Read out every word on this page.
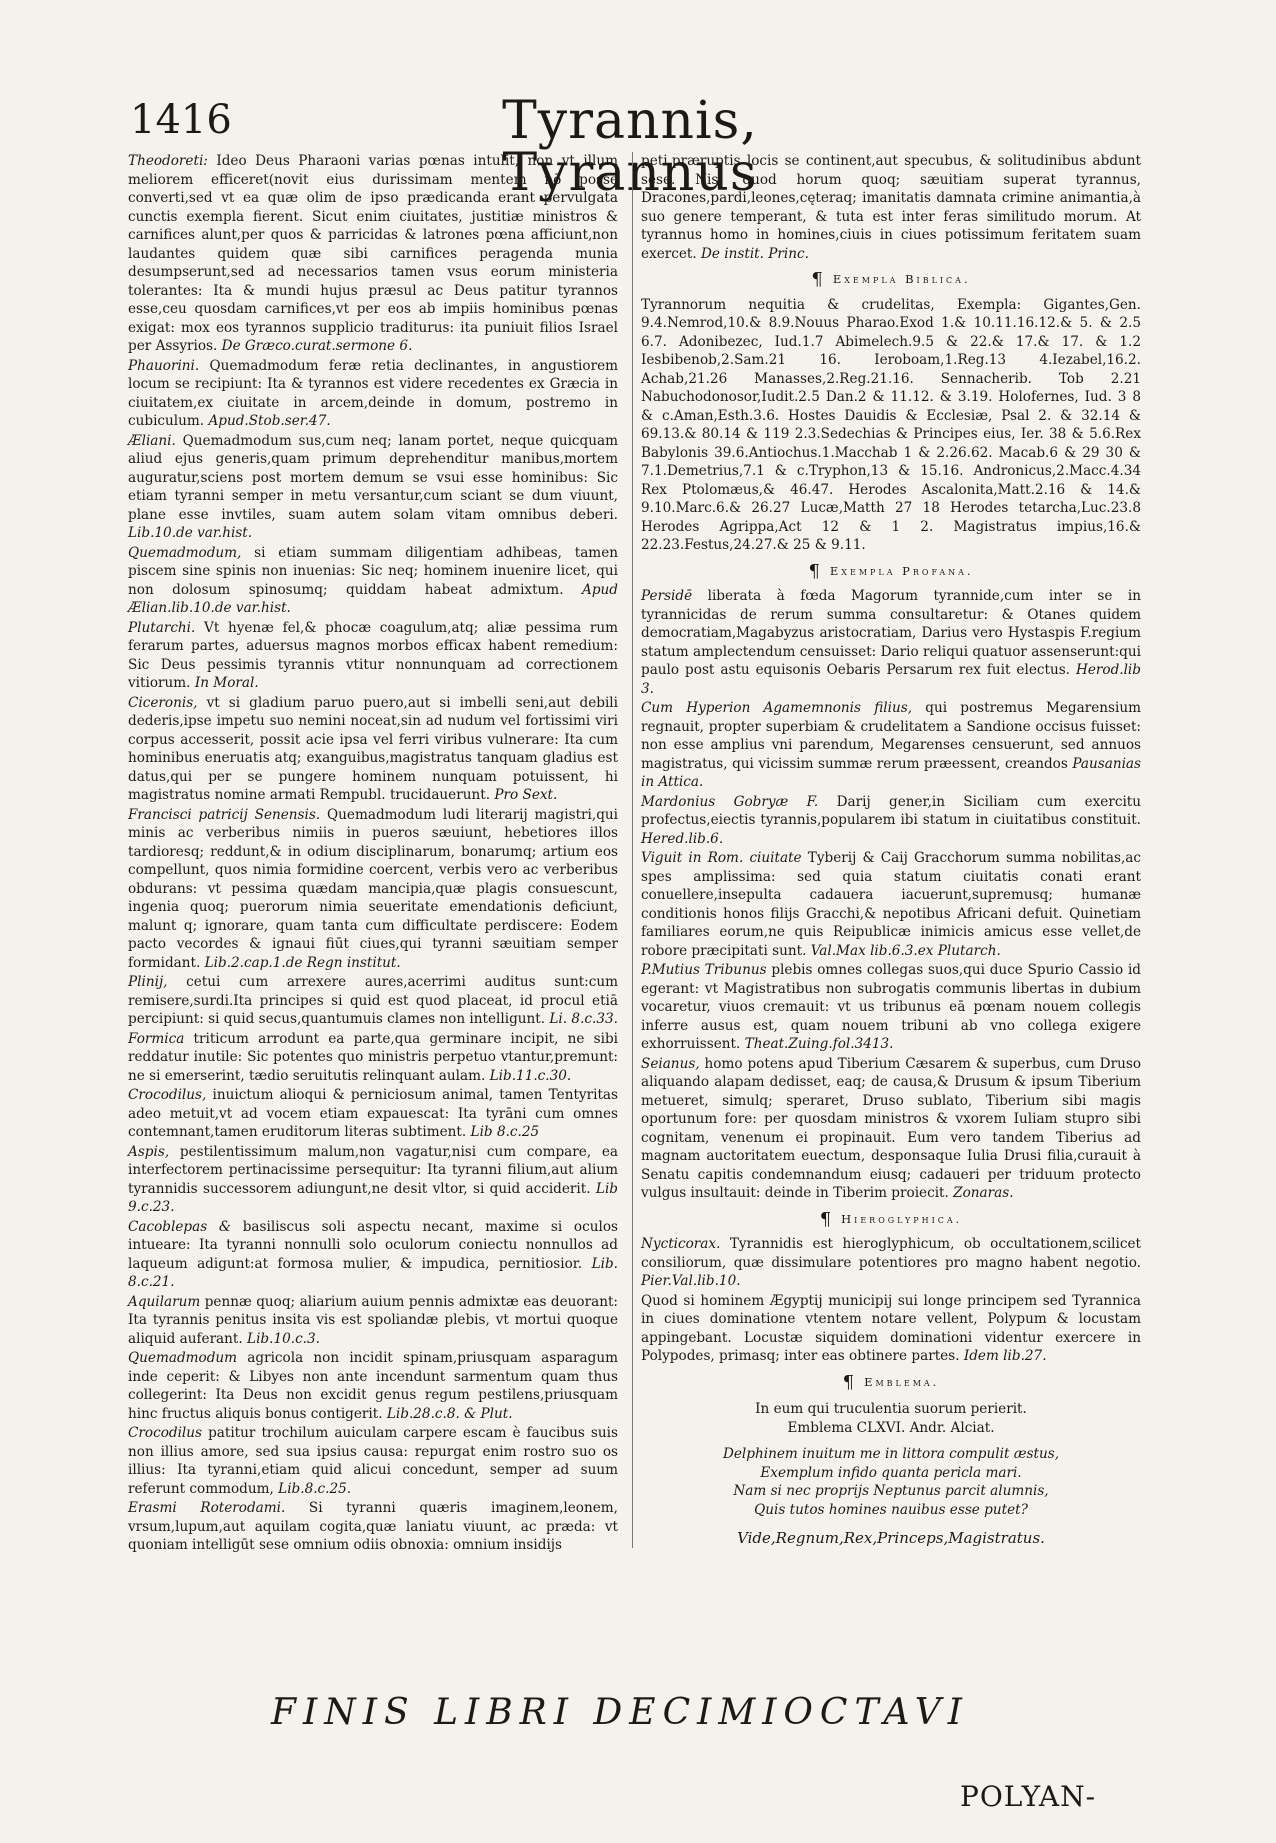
1416	Tyrannis, Tyrannus

Theodoreti: Ideo Deus Pharaoni varias pœnas intulit, non vt illum meliorem efficeret(novit eius durissimam mentem nō posse converti,sed vt ea quæ olim de ipso prædicanda erant pervulgata cunctis exempla fierent. Sicut enim ciuitates, justitiæ ministros & carnifices alunt,per quos & parricidas & latrones pœna afficiunt,non laudantes quidem quæ sibi carnifices peragenda munia desumpserunt,sed ad necessarios tamen vsus eorum ministeria tolerantes: Ita & mundi hujus præsul ac Deus patitur tyrannos esse,ceu quosdam carnifices,vt per eos ab impiis hominibus pœnas exigat: mox eos tyrannos supplicio traditurus: ita puniuit filios Israel per Assyrios. De Græco.curat.sermone 6.

Phauorini. Quemadmodum feræ retia declinantes, in angustiorem locum se recipiunt: Ita & tyrannos est videre recedentes ex Græcia in ciuitatem,ex ciuitate in arcem,deinde in domum, postremo in cubiculum. Apud.Stob.ser.47.

Æliani. Quemadmodum sus,cum neq; lanam portet, neque quicquam aliud ejus generis,quam primum deprehenditur manibus,mortem auguratur,sciens post mortem demum se vsui esse hominibus: Sic etiam tyranni semper in metu versantur,cum sciant se dum viuunt, plane esse invtiles, suam autem solam vitam omnibus deberi. Lib.10.de var.hist.

Quemadmodum, si etiam summam diligentiam adhibeas, tamen piscem sine spinis non inuenias: Sic neq; hominem inuenire licet, qui non dolosum spinosumq; quiddam habeat admixtum. Apud Ælian.lib.10.de var.hist.

Plutarchi. Vt hyenæ fel,& phocæ coagulum,atq; aliæ pessima rum ferarum partes, aduersus magnos morbos efficax habent remedium: Sic Deus pessimis tyrannis vtitur nonnunquam ad correctionem vitiorum. In Moral.

Ciceronis, vt si gladium paruo puero,aut si imbelli seni,aut debili dederis,ipse impetu suo nemini noceat,sin ad nudum vel fortissimi viri corpus accesserit, possit acie ipsa vel ferri viribus vulnerare: Ita cum hominibus eneruatis atq; exanguibus,magistratus tanquam gladius est datus,qui per se pungere hominem nunquam potuissent, hi magistratus nomine armati Rempubl. trucidauerunt. Pro Sext.

Francisci patricij Senensis. Quemadmodum ludi literarij magistri,qui minis ac verberibus nimiis in pueros sæuiunt, hebetiores illos tardioresq; reddunt,& in odium disciplinarum, bonarumq; artium eos compellunt, quos nimia formidine coercent, verbis vero ac verberibus obdurans: vt pessima quædam mancipia,quæ plagis consuescunt, ingenia quoq; puerorum nimia seueritate emendationis deficiunt, malunt q; ignorare, quam tanta cum difficultate perdiscere: Eodem pacto vecordes & ignaui fiūt ciues,qui tyranni sæuitiam semper formidant. Lib.2.cap.1.de Regn institut.

Plinij, cetui cum arrexere aures,acerrimi auditus sunt:cum remisere,surdi.Ita principes si quid est quod placeat, id procul etiā percipiunt: si quid secus,quantumuis clames non intelligunt. Li. 8.c.33.

Formica triticum arrodunt ea parte,qua germinare incipit, ne sibi reddatur inutile: Sic potentes quo ministris perpetuo vtantur,premunt: ne si emerserint, tædio seruitutis relinquant aulam. Lib.11.c.30.

Crocodilus, inuictum alioqui & perniciosum animal, tamen Tentyritas adeo metuit,vt ad vocem etiam expauescat: Ita tyrāni cum omnes contemnant,tamen eruditorum literas subtiment. Lib 8.c.25

Aspis, pestilentissimum malum,non vagatur,nisi cum compare, ea interfectorem pertinacissime persequitur: Ita tyranni filium,aut alium tyrannidis successorem adiungunt,ne desit vltor, si quid acciderit. Lib 9.c.23.

Cacoblepas & basiliscus soli aspectu necant, maxime si oculos intueare: Ita tyranni nonnulli solo oculorum coniectu nonnullos ad laqueum adigunt:at formosa mulier, & impudica, pernitiosior. Lib. 8.c.21.

Aquilarum pennæ quoq; aliarium auium pennis admixtæ eas deuorant: Ita tyrannis penitus insita vis est spoliandæ plebis, vt mortui quoque aliquid auferant. Lib.10.c.3.

Quemadmodum agricola non incidit spinam,priusquam asparagum inde ceperit: & Libyes non ante incendunt sarmentum quam thus collegerint: Ita Deus non excidit genus regum pestilens,priusquam hinc fructus aliquis bonus contigerit. Lib.28.c.8. & Plut.

Crocodilus patitur trochilum auiculam carpere escam è faucibus suis non illius amore, sed sua ipsius causa: repurgat enim rostro suo os illius: Ita tyranni,etiam quid alicui concedunt, semper ad suum referunt commodum, Lib.8.c.25.

Erasmi Roterodami. Si tyranni quæris imaginem,leonem, vrsum,lupum,aut aquilam cogita,quæ laniatu viuunt, ac præda: vt quoniam intelligūt sese omnium odiis obnoxia: omnium insidijs

peti,præruptis locis se continent,aut specubus, & solitudinibus abdunt sese. Nisi quod horum quoq; sæuitiam superat tyrannus, Dracones,pardi,leones,cęteraq; imanitatis damnata crimine animantia,à suo genere temperant, & tuta est inter feras similitudo morum. At tyrannus homo in homines,ciuis in ciues potissimum feritatem suam exercet. De instit. Princ.

¶ Exempla Biblica.

Tyrannorum nequitia & crudelitas, Exempla: Gigantes,Gen. 9.4.Nemrod,10.& 8.9.Nouus Pharao.Exod 1.& 10.11.16.12.& 5. & 2.5 6.7. Adonibezec, Iud.1.7 Abimelech.9.5 & 22.& 17.& 17. & 1.2 Iesbibenob,2.Sam.21 16. Ieroboam,1.Reg.13 4.Iezabel,16.2. Achab,21.26 Manasses,2.Reg.21.16. Sennacherib. Tob 2.21 Nabuchodonosor,Iudit.2.5 Dan.2 & 11.12. & 3.19. Holofernes, Iud. 3 8 & c.Aman,Esth.3.6. Hostes Dauidis & Ecclesiæ, Psal 2. & 32.14 & 69.13.& 80.14 & 119 2.3.Sedechias & Principes eius, Ier. 38 & 5.6.Rex Babylonis 39.6.Antiochus.1.Macchab 1 & 2.26.62. Macab.6 & 29 30 & 7.1.Demetrius,7.1 & c.Tryphon,13 & 15.16. Andronicus,2.Macc.4.34 Rex Ptolomæus,& 46.47. Herodes Ascalonita,Matt.2.16 & 14.& 9.10.Marc.6.& 26.27 Lucæ,Matth 27 18 Herodes tetarcha,Luc.23.8 Herodes Agrippa,Act 12 & 1 2. Magistratus impius,16.& 22.23.Festus,24.27.& 25 & 9.11.

¶ Exempla Profana.

Persidē liberata à fœda Magorum tyrannide,cum inter se in tyrannicidas de rerum summa consultaretur: & Otanes quidem democratiam,Magabyzus aristocratiam, Darius vero Hystaspis F.regium statum amplectendum censuisset: Dario reliqui quatuor assenserunt:qui paulo post astu equisonis Oebaris Persarum rex fuit electus. Herod.lib 3.

Cum Hyperion Agamemnonis filius, qui postremus Megarensium regnauit, propter superbiam & crudelitatem a Sandione occisus fuisset: non esse amplius vni parendum, Megarenses censuerunt, sed annuos magistratus, qui vicissim summæ rerum præessent, creandos Pausanias in Attica.

Mardonius Gobryæ F. Darij gener,in Siciliam cum exercitu profectus,eiectis tyrannis,popularem ibi statum in ciuitatibus constituit. Hered.lib.6.

Viguit in Rom. ciuitate Tyberij & Caij Gracchorum summa nobilitas,ac spes amplissima: sed quia statum ciuitatis conati erant conuellere,insepulta cadauera iacuerunt,supremusq; humanæ conditionis honos filijs Gracchi,& nepotibus Africani defuit. Quinetiam familiares eorum,ne quis Reipublicæ inimicis amicus esse vellet,de robore præcipitati sunt. Val.Max lib.6.3.ex Plutarch.

P.Mutius Tribunus plebis omnes collegas suos,qui duce Spurio Cassio id egerant: vt Magistratibus non subrogatis communis libertas in dubium vocaretur, viuos cremauit: vt us tribunus eā pœnam nouem collegis inferre ausus est, quam nouem tribuni ab vno collega exigere exhorruissent. Theat.Zuing.fol.3413.

Seianus, homo potens apud Tiberium Cæsarem & superbus, cum Druso aliquando alapam dedisset, eaq; de causa,& Drusum & ipsum Tiberium metueret, simulq; speraret, Druso sublato, Tiberium sibi magis oportunum fore: per quosdam ministros & vxorem Iuliam stupro sibi cognitam, venenum ei propinauit. Eum vero tandem Tiberius ad magnam auctoritatem euectum, desponsaque Iulia Drusi filia,curauit à Senatu capitis condemnandum eiusq; cadaueri per triduum protecto vulgus insultauit: deinde in Tiberim proiecit. Zonaras.

¶ Hieroglyphica.

Nycticorax. Tyrannidis est hieroglyphicum, ob occultationem,scilicet consiliorum, quæ dissimulare potentiores pro magno habent negotio. Pier.Val.lib.10.

Quod si hominem Ægyptij municipij sui longe principem sed Tyrannica in ciues dominatione vtentem notare vellent, Polypum & locustam appingebant. Locustæ siquidem dominationi videntur exercere in Polypodes, primasq; inter eas obtinere partes. Idem lib.27.

¶ Emblema.

In eum qui truculentia suorum perierit.

Emblema CLXVI. Andr. Alciat.

Delphinem inuitum me in littora compulit æstus,

Exemplum infido quanta pericla mari.

Nam si nec proprijs Neptunus parcit alumnis,

Quis tutos homines nauibus esse putet?

Vide,Regnum,Rex,Princeps,Magistratus.
FINIS LIBRI DECIMIOCTAVI
POLYAN-
